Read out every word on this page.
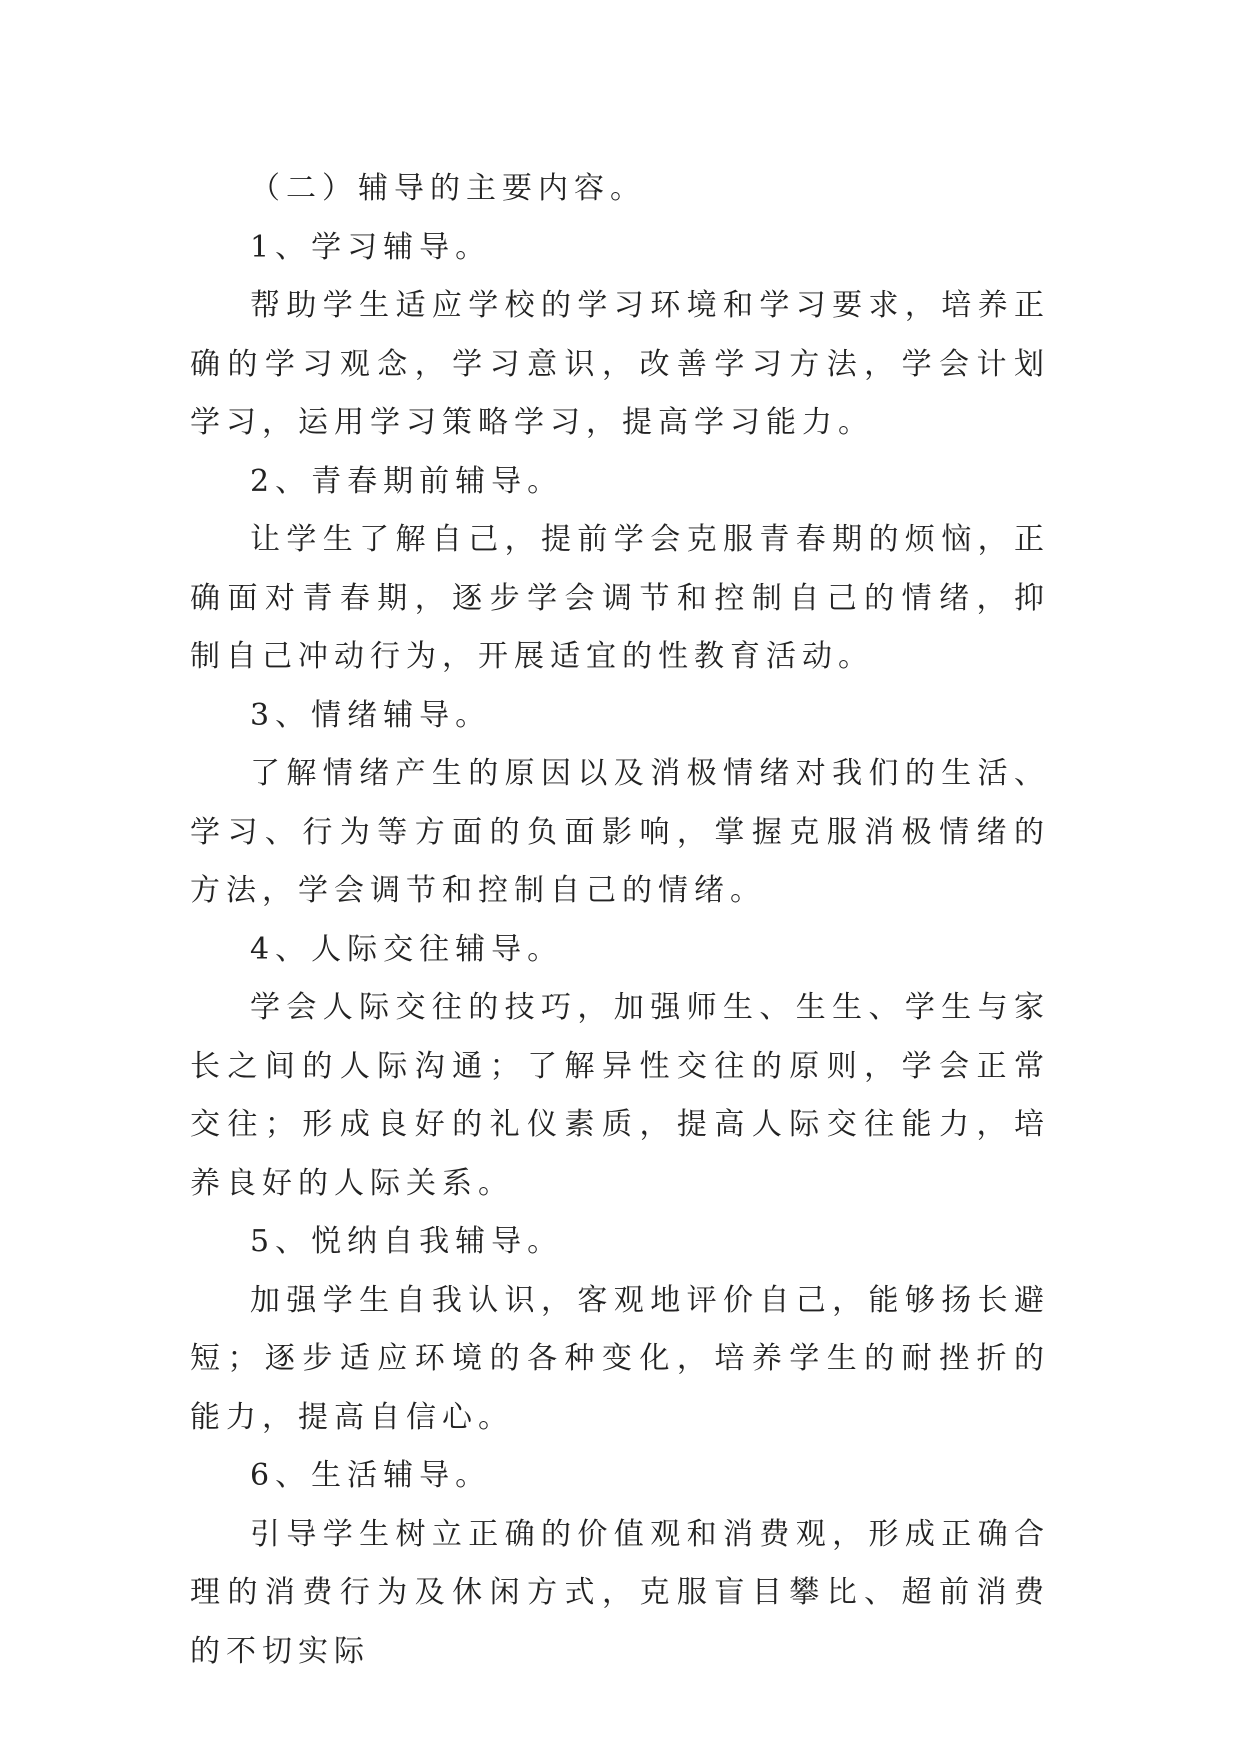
（二）辅导的主要内容。

1、学习辅导。

帮助学生适应学校的学习环境和学习要求，培养正确的学习观念，学习意识，改善学习方法，学会计划学习，运用学习策略学习，提高学习能力。

2、青春期前辅导。

让学生了解自己，提前学会克服青春期的烦恼，正确面对青春期，逐步学会调节和控制自己的情绪，抑制自己冲动行为，开展适宜的性教育活动。

3、情绪辅导。

了解情绪产生的原因以及消极情绪对我们的生活、学习、行为等方面的负面影响，掌握克服消极情绪的方法，学会调节和控制自己的情绪。

4、人际交往辅导。

学会人际交往的技巧，加强师生、生生、学生与家长之间的人际沟通；了解异性交往的原则，学会正常交往；形成良好的礼仪素质，提高人际交往能力，培养良好的人际关系。

5、悦纳自我辅导。

加强学生自我认识，客观地评价自己，能够扬长避短；逐步适应环境的各种变化，培养学生的耐挫折的能力，提高自信心。

6、生活辅导。

引导学生树立正确的价值观和消费观，形成正确合理的消费行为及休闲方式，克服盲目攀比、超前消费的不切实际
